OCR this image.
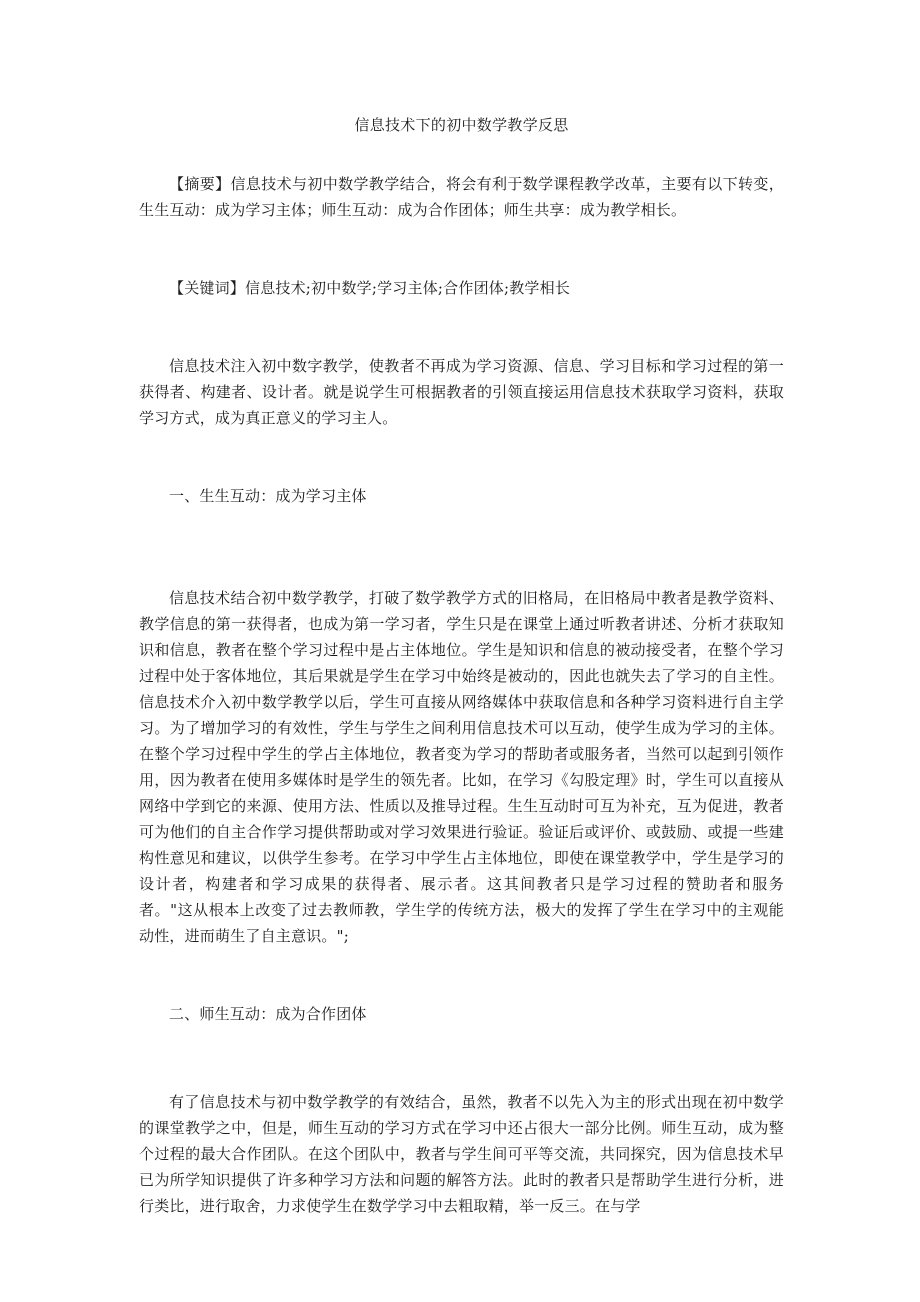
信息技术下的初中数学教学反思

【摘要】信息技术与初中数学教学结合，将会有利于数学课程教学改革，主要有以下转变，生生互动：成为学习主体；师生互动：成为合作团体；师生共享：成为教学相长。

【关键词】信息技术;初中数学;学习主体;合作团体;教学相长

信息技术注入初中数字教学，使教者不再成为学习资源、信息、学习目标和学习过程的第一获得者、构建者、设计者。就是说学生可根据教者的引领直接运用信息技术获取学习资料，获取学习方式，成为真正意义的学习主人。

一、生生互动：成为学习主体

信息技术结合初中数学教学，打破了数学教学方式的旧格局，在旧格局中教者是教学资料、教学信息的第一获得者，也成为第一学习者，学生只是在课堂上通过听教者讲述、分析才获取知识和信息，教者在整个学习过程中是占主体地位。学生是知识和信息的被动接受者，在整个学习过程中处于客体地位，其后果就是学生在学习中始终是被动的，因此也就失去了学习的自主性。信息技术介入初中数学教学以后，学生可直接从网络媒体中获取信息和各种学习资料进行自主学习。为了增加学习的有效性，学生与学生之间利用信息技术可以互动，使学生成为学习的主体。在整个学习过程中学生的学占主体地位，教者变为学习的帮助者或服务者，当然可以起到引领作用，因为教者在使用多媒体时是学生的领先者。比如，在学习《勾股定理》时，学生可以直接从网络中学到它的来源、使用方法、性质以及推导过程。生生互动时可互为补充，互为促进，教者可为他们的自主合作学习提供帮助或对学习效果进行验证。验证后或评价、或鼓励、或提一些建构性意见和建议，以供学生参考。在学习中学生占主体地位，即使在课堂教学中，学生是学习的设计者，构建者和学习成果的获得者、展示者。这其间教者只是学习过程的赞助者和服务者。"这从根本上改变了过去教师教，学生学的传统方法，极大的发挥了学生在学习中的主观能动性，进而萌生了自主意识。";

二、师生互动：成为合作团体

有了信息技术与初中数学教学的有效结合，虽然，教者不以先入为主的形式出现在初中数学的课堂教学之中，但是，师生互动的学习方式在学习中还占很大一部分比例。师生互动，成为整个过程的最大合作团队。在这个团队中，教者与学生间可平等交流，共同探究，因为信息技术早已为所学知识提供了许多种学习方法和问题的解答方法。此时的教者只是帮助学生进行分析，进行类比，进行取舍，力求使学生在数学学习中去粗取精，举一反三。在与学
